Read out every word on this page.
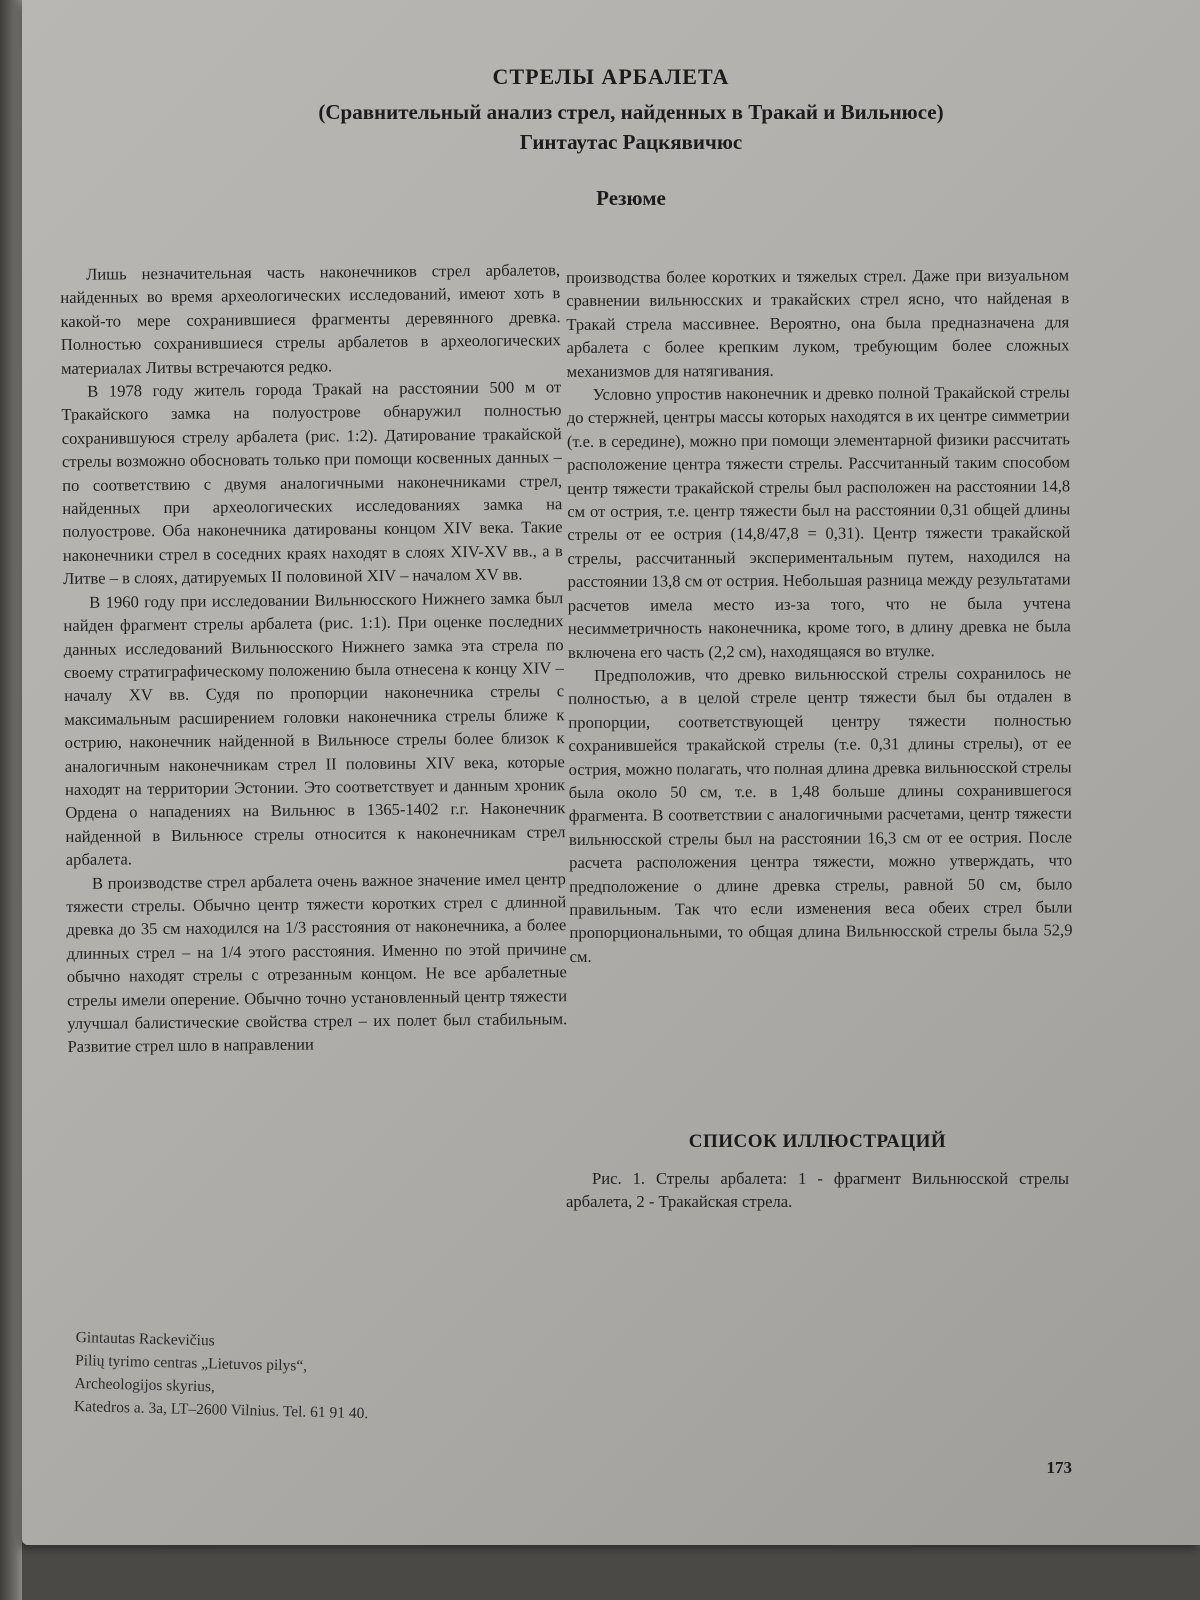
СТРЕЛЫ АРБАЛЕТА
(Сравнительный анализ стрел, найденных в Тракай и Вильнюсе)
Гинтаутас Рацкявичюс
Резюме

Лишь незначительная часть наконечников стрел арбалетов, найденных во время археологических исследований, имеют хоть в какой-то мере сохранившиеся фрагменты деревянного древка. Полностью сохранившиеся стрелы арбалетов в археологических материалах Литвы встречаются редко.

В 1978 году житель города Тракай на расстоянии 500 м от Тракайского замка на полуострове обнаружил полностью сохранившуюся стрелу арбалета (рис. 1:2). Датирование тракайской стрелы возможно обосновать только при помощи косвенных данных – по соответствию с двумя аналогичными наконечниками стрел, найденных при археологических исследованиях замка на полуострове. Оба наконечника датированы концом XIV века. Такие наконечники стрел в соседних краях находят в слоях XIV-XV вв., а в Литве – в слоях, датируемых II половиной XIV – началом XV вв.

В 1960 году при исследовании Вильнюсского Нижнего замка был найден фрагмент стрелы арбалета (рис. 1:1). При оценке последних данных исследований Вильнюсского Нижнего замка эта стрела по своему стратиграфическому положению была отнесена к концу XIV – началу XV вв. Судя по пропорции наконечника стрелы с максимальным расширением головки наконечника стрелы ближе к острию, наконечник найденной в Вильнюсе стрелы более близок к аналогичным наконечникам стрел II половины XIV века, которые находят на территории Эстонии. Это соответствует и данным хроник Ордена о нападениях на Вильнюс в 1365-1402 г.г. Наконечник найденной в Вильнюсе стрелы относится к наконечникам стрел арбалета.

В производстве стрел арбалета очень важное значение имел центр тяжести стрелы. Обычно центр тяжести коротких стрел с длинной древка до 35 см находился на 1/3 расстояния от наконечника, а более длинных стрел – на 1/4 этого расстояния. Именно по этой причине обычно находят стрелы с отрезанным концом. Не все арбалетные стрелы имели оперение. Обычно точно установленный центр тяжести улучшал балистические свойства стрел – их полет был стабильным. Развитие стрел шло в направлении

производства более коротких и тяжелых стрел. Даже при визуальном сравнении вильнюсских и тракайских стрел ясно, что найденая в Тракай стрела массивнее. Вероятно, она была предназначена для арбалета с более крепким луком, требующим более сложных механизмов для натягивания.

Условно упростив наконечник и древко полной Тракайской стрелы до стержней, центры массы которых находятся в их центре симметрии (т.е. в середине), можно при помощи элементарной физики рассчитать расположение центра тяжести стрелы. Рассчитанный таким способом центр тяжести тракайской стрелы был расположен на расстоянии 14,8 см от острия, т.е. центр тяжести был на расстоянии 0,31 общей длины стрелы от ее острия (14,8/47,8 = 0,31). Центр тяжести тракайской стрелы, рассчитанный экспериментальным путем, находился на расстоянии 13,8 см от острия. Небольшая разница между результатами расчетов имела место из-за того, что не была учтена несимметричность наконечника, кроме того, в длину древка не была включена его часть (2,2 см), находящаяся во втулке.

Предположив, что древко вильнюсской стрелы сохранилось не полностью, а в целой стреле центр тяжести был бы отдален в пропорции, соответствующей центру тяжести полностью сохранившейся тракайской стрелы (т.е. 0,31 длины стрелы), от ее острия, можно полагать, что полная длина древка вильнюсской стрелы была около 50 см, т.е. в 1,48 больше длины сохранившегося фрагмента. В соответствии с аналогичными расчетами, центр тяжести вильнюсской стрелы был на расстоянии 16,3 см от ее острия. После расчета расположения центра тяжести, можно утверждать, что предположение о длине древка стрелы, равной 50 см, было правильным. Так что если изменения веса обеих стрел были пропорциональными, то общая длина Вильнюсской стрелы была 52,9 см.

СПИСОК ИЛЛЮСТРАЦИЙ

Рис. 1. Стрелы арбалета: 1 - фрагмент Вильнюсской стрелы арбалета, 2 - Тракайская стрела.

Gintautas Rackevičius
Pilių tyrimo centras „Lietuvos pilys“,
Archeologijos skyrius,
Katedros a. 3a, LT–2600 Vilnius. Tel. 61 91 40.
173
